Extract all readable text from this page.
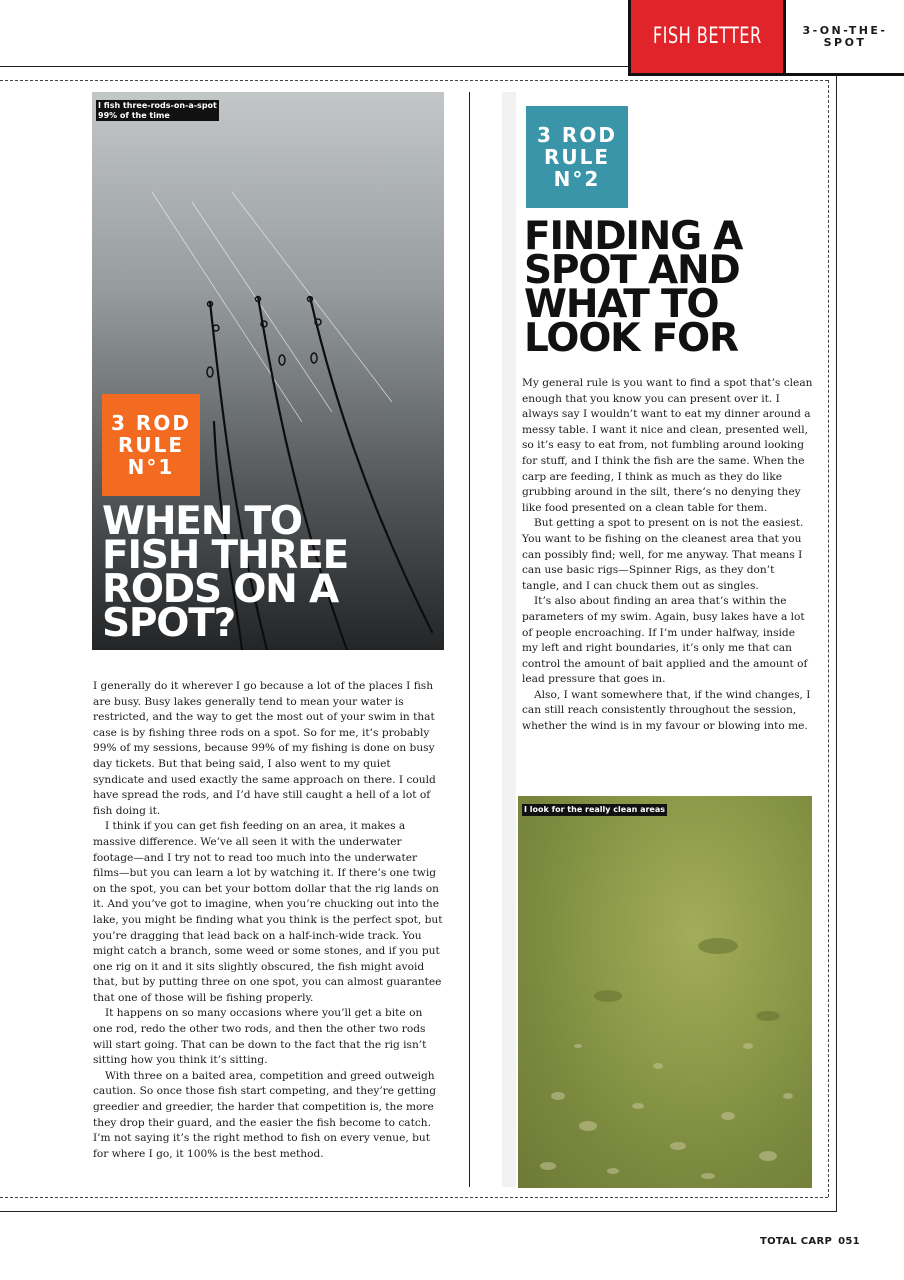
FISH BETTER	3-ON-THE-SPOT
I fish three-rods-on-a-spot
99% of the time
3 ROD
RULE
N°1
WHEN TO
FISH THREE
RODS ON A
SPOT?

I generally do it wherever I go because a lot of the places I fish are busy. Busy lakes generally tend to mean your water is restricted, and the way to get the most out of your swim in that case is by fishing three rods on a spot. So for me, it’s probably 99% of my sessions, because 99% of my fishing is done on busy day tickets. But that being said, I also went to my quiet syndicate and used exactly the same approach on there. I could have spread the rods, and I’d have still caught a hell of a lot of fish doing it.

I think if you can get fish feeding on an area, it makes a massive difference. We’ve all seen it with the underwater footage—and I try not to read too much into the underwater films—but you can learn a lot by watching it. If there’s one twig on the spot, you can bet your bottom dollar that the rig lands on it. And you’ve got to imagine, when you’re chucking out into the lake, you might be finding what you think is the perfect spot, but you’re dragging that lead back on a half-inch-wide track. You might catch a branch, some weed or some stones, and if you put one rig on it and it sits slightly obscured, the fish might avoid that, but by putting three on one spot, you can almost guarantee that one of those will be fishing properly.

It happens on so many occasions where you’ll get a bite on one rod, redo the other two rods, and then the other two rods will start going. That can be down to the fact that the rig isn’t sitting how you think it’s sitting.

With three on a baited area, competition and greed outweigh caution. So once those fish start competing, and they’re getting greedier and greedier, the harder that competition is, the more they drop their guard, and the easier the fish become to catch. I’m not saying it’s the right method to fish on every venue, but for where I go, it 100% is the best method.

3 ROD
RULE
N°2
FINDING A
SPOT AND
WHAT TO
LOOK FOR

My general rule is you want to find a spot that’s clean enough that you know you can present over it. I always say I wouldn’t want to eat my dinner around a messy table. I want it nice and clean, presented well, so it’s easy to eat from, not fumbling around looking for stuff, and I think the fish are the same. When the carp are feeding, I think as much as they do like grubbing around in the silt, there’s no denying they like food presented on a clean table for them.

But getting a spot to present on is not the easiest. You want to be fishing on the cleanest area that you can possibly find; well, for me anyway. That means I can use basic rigs—Spinner Rigs, as they don’t tangle, and I can chuck them out as singles.

It’s also about finding an area that’s within the parameters of my swim. Again, busy lakes have a lot of people encroaching. If I’m under halfway, inside my left and right boundaries, it’s only me that can control the amount of bait applied and the amount of lead pressure that goes in.

Also, I want somewhere that, if the wind changes, I can still reach consistently throughout the session, whether the wind is in my favour or blowing into me.

I look for the really clean areas
TOTAL CARP 051
